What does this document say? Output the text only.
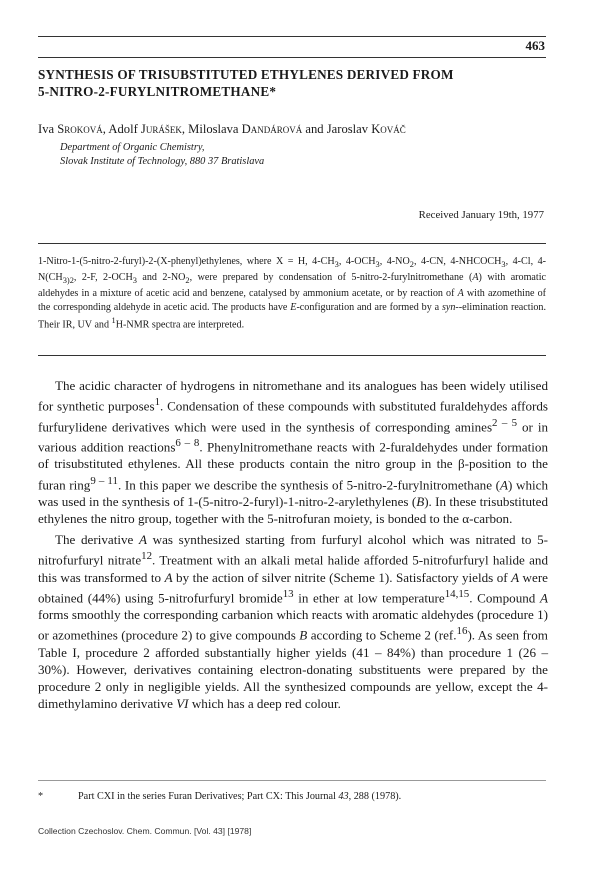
463
SYNTHESIS OF TRISUBSTITUTED ETHYLENES DERIVED FROM
5-NITRO-2-FURYLNITROMETHANE*
Iva Sroková, Adolf Jurášek, Miloslava Dandárová and Jaroslav Kováč
Department of Organic Chemistry,
Slovak Institute of Technology, 880 37 Bratislava
Received January 19th, 1977

1-Nitro-1-(5-nitro-2-furyl)-2-(X-phenyl)ethylenes, where X = H, $4-CH_3$, $4-OCH_3$, $4-NO_2$, 4-CN, $4-NHCOCH_3$, 4-Cl, $4-N(CH_{3)2}$, 2-F, $2-OCH_3$ and $2-NO_2$, were prepared by condensation of 5-nitro-2-furylnitromethane (A) with aromatic aldehydes in a mixture of acetic acid and benzene, catalysed by ammonium acetate, or by reaction of A with azomethine of the corresponding aldehyde in acetic acid. The products have E-configuration and are formed by a syn--elimination reaction. Their IR, UV and $^1$H-NMR spectra are interpreted.

The acidic character of hydrogens in nitromethane and its analogues has been widely utilised for synthetic purposes$^1$. Condensation of these compounds with substituted furaldehydes affords furfurylidene derivatives which were used in the synthesis of corresponding amines$^{2 - 5}$ or in various addition reactions$^{6 - 8}$. Phenylnitromethane reacts with 2-furaldehydes under formation of trisubstituted ethylenes. All these products contain the nitro group in the β-position to the furan ring$^{9 - 11}$. In this paper we describe the synthesis of 5-nitro-2-furylnitromethane (A) which was used in the synthesis of 1-(5-nitro-2-furyl)-1-nitro-2-arylethylenes (B). In these trisubstituted ethylenes the nitro group, together with the 5-nitrofuran moiety, is bonded to the α-carbon.

The derivative A was synthesized starting from furfuryl alcohol which was nitrated to 5-nitrofurfuryl nitrate$^{12}$. Treatment with an alkali metal halide afforded 5-nitrofurfuryl halide and this was transformed to A by the action of silver nitrite (Scheme 1). Satisfactory yields of A were obtained (44%) using 5-nitrofurfuryl bromide$^{13}$ in ether at low temperature$^{14,15}$. Compound A forms smoothly the corresponding carbanion which reacts with aromatic aldehydes (procedure 1) or azomethines (procedure 2) to give compounds B according to Scheme 2 (ref.$^{16}$). As seen from Table I, procedure 2 afforded substantially higher yields (41 – 84%) than procedure 1 (26 – 30%). However, derivatives containing electron-donating substituents were prepared by the procedure 2 only in negligible yields. All the synthesized compounds are yellow, except the 4-dimethylamino derivative VI which has a deep red colour.

*	Part CXI in the series Furan Derivatives; Part CX: This Journal 43, 288 (1978).
Collection Czechoslov. Chem. Commun. [Vol. 43] [1978]
